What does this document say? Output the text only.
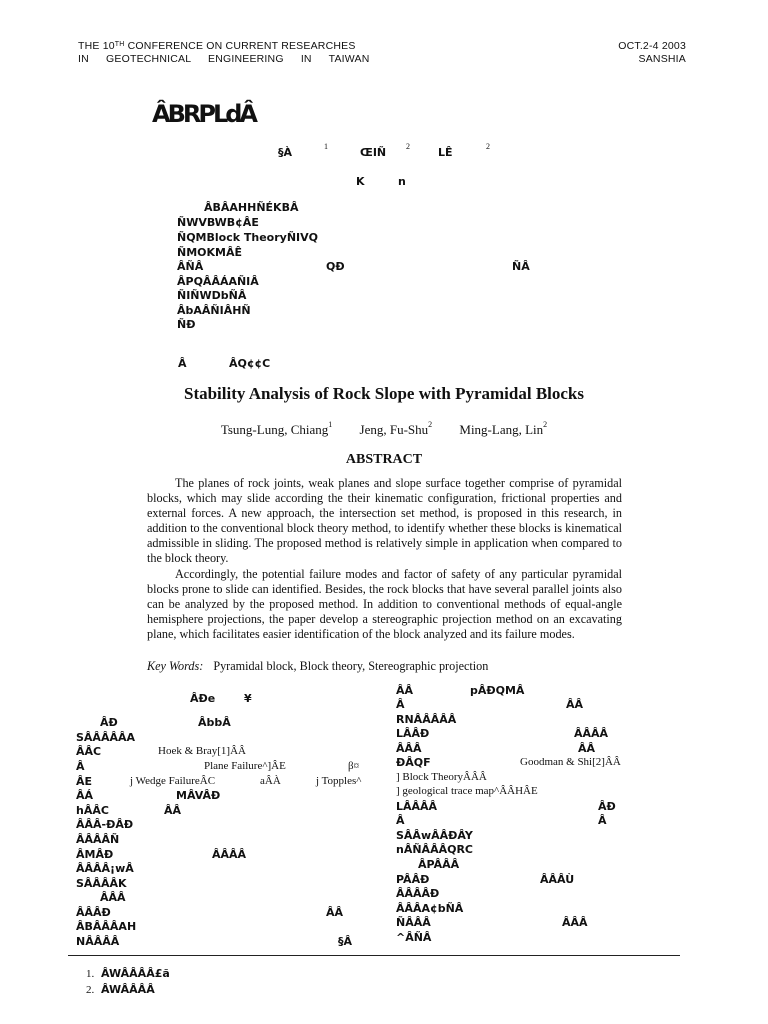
THE 10TH CONFERENCE ON CURRENT RESEARCHES
IN GEOTECHNICAL ENGINEERING IN TAIWAN
OCT.2-4 2003
SANSHIA
ÂBRPLdÂ
§À	1	ŒIÑ 2	LÊ	2
K	n
ÂBÂAHHÑÉKBÂ
ÑWVBWB¢ÂE
ÑQMBlock TheoryÑIVQ
ÑMOKMÂÊ
ÂÑÂ	QÐ	ÑÂ
ÂPQÂÂÁAÑIÂ
ÑIÑWDbÑÂ
ÂbAÂÑIÂHÑ
ÑÐ
Â	ÂQ¢¢C
Stability Analysis of Rock Slope with Pyramidal Blocks
Tsung-Lung, Chiang$^1$ Jeng, Fu-Shu$^2$ Ming-Lang, Lin$^2$
ABSTRACT

The planes of rock joints, weak planes and slope surface together comprise of pyramidal blocks, which may slide according the their kinematic configuration, frictional properties and external forces. A new approach, the intersection set method, is proposed in this research, in addition to the conventional block theory method, to identify whether these blocks is kinematical admissible in sliding. The proposed method is relatively simple in application when compared to the block theory.

Accordingly, the potential failure modes and factor of safety of any particular pyramidal blocks prone to slide can identified. Besides, the rock blocks that have several parallel joints also can be analyzed by the proposed method. In addition to conventional methods of equal-angle hemisphere projections, the paper develop a stereographic projection method on an excavating plane, which facilitates easier identification of the block analyzed and its failure modes.

Key Words: Pyramidal block, Block theory, Stereographic projection
ÂÐe	¥
ÂÐ	ÂbbÂ
SÂÂÂÂÂA
ÂÂC	Hoek & Bray[1]ÂÂ
Â	Plane Failure^]ÂE	β¤
ÂE	j Wedge FailureÂC	aÂÀ	j Topples^
ÂÁ	MÂVÂÐ
hÂÂC	ÂÂ
ÂÂÂ-ÐÂÐ
ÂÂÂÂÑ
ÂMÂÐ	ÂÂÂÂ
ÂÂÂÂ¡wÂ
SÂÂÂÂK
ÂÂÂ
ÂÂÂÐ	ÂÂ
ÂBÂÂÂAH
NÂÂÂÂ	§Â
ÂÂ	pÂÐQMÂ
Â	ÂÂ
RNÂÂÂÂÂ
LÂÂÐ	ÂÂÂÂ
ÂÂÂ	ÂÂ
ÐÂQF	Goodman & Shi[2]ÂÂ
] Block TheoryÂÂÂ
] geological trace map^ÂÂHÂE
LÂÂÂÂ	ÂÐ
Â	Â
SÂÂwÂÂÐÂY
nÂÑÂÂÂQRC
ÂPÂÂÂ
PÂÂÐ	ÂÂÂÙ
ÂÂÂÂÐ
ÂÂÂA¢bÑÂ
ÑÂÂÂ	ÂÂÂ
^ÂÑÂ
1. ÂWÂÂÂÂ£ã
2. ÂWÂÂÂÂ
